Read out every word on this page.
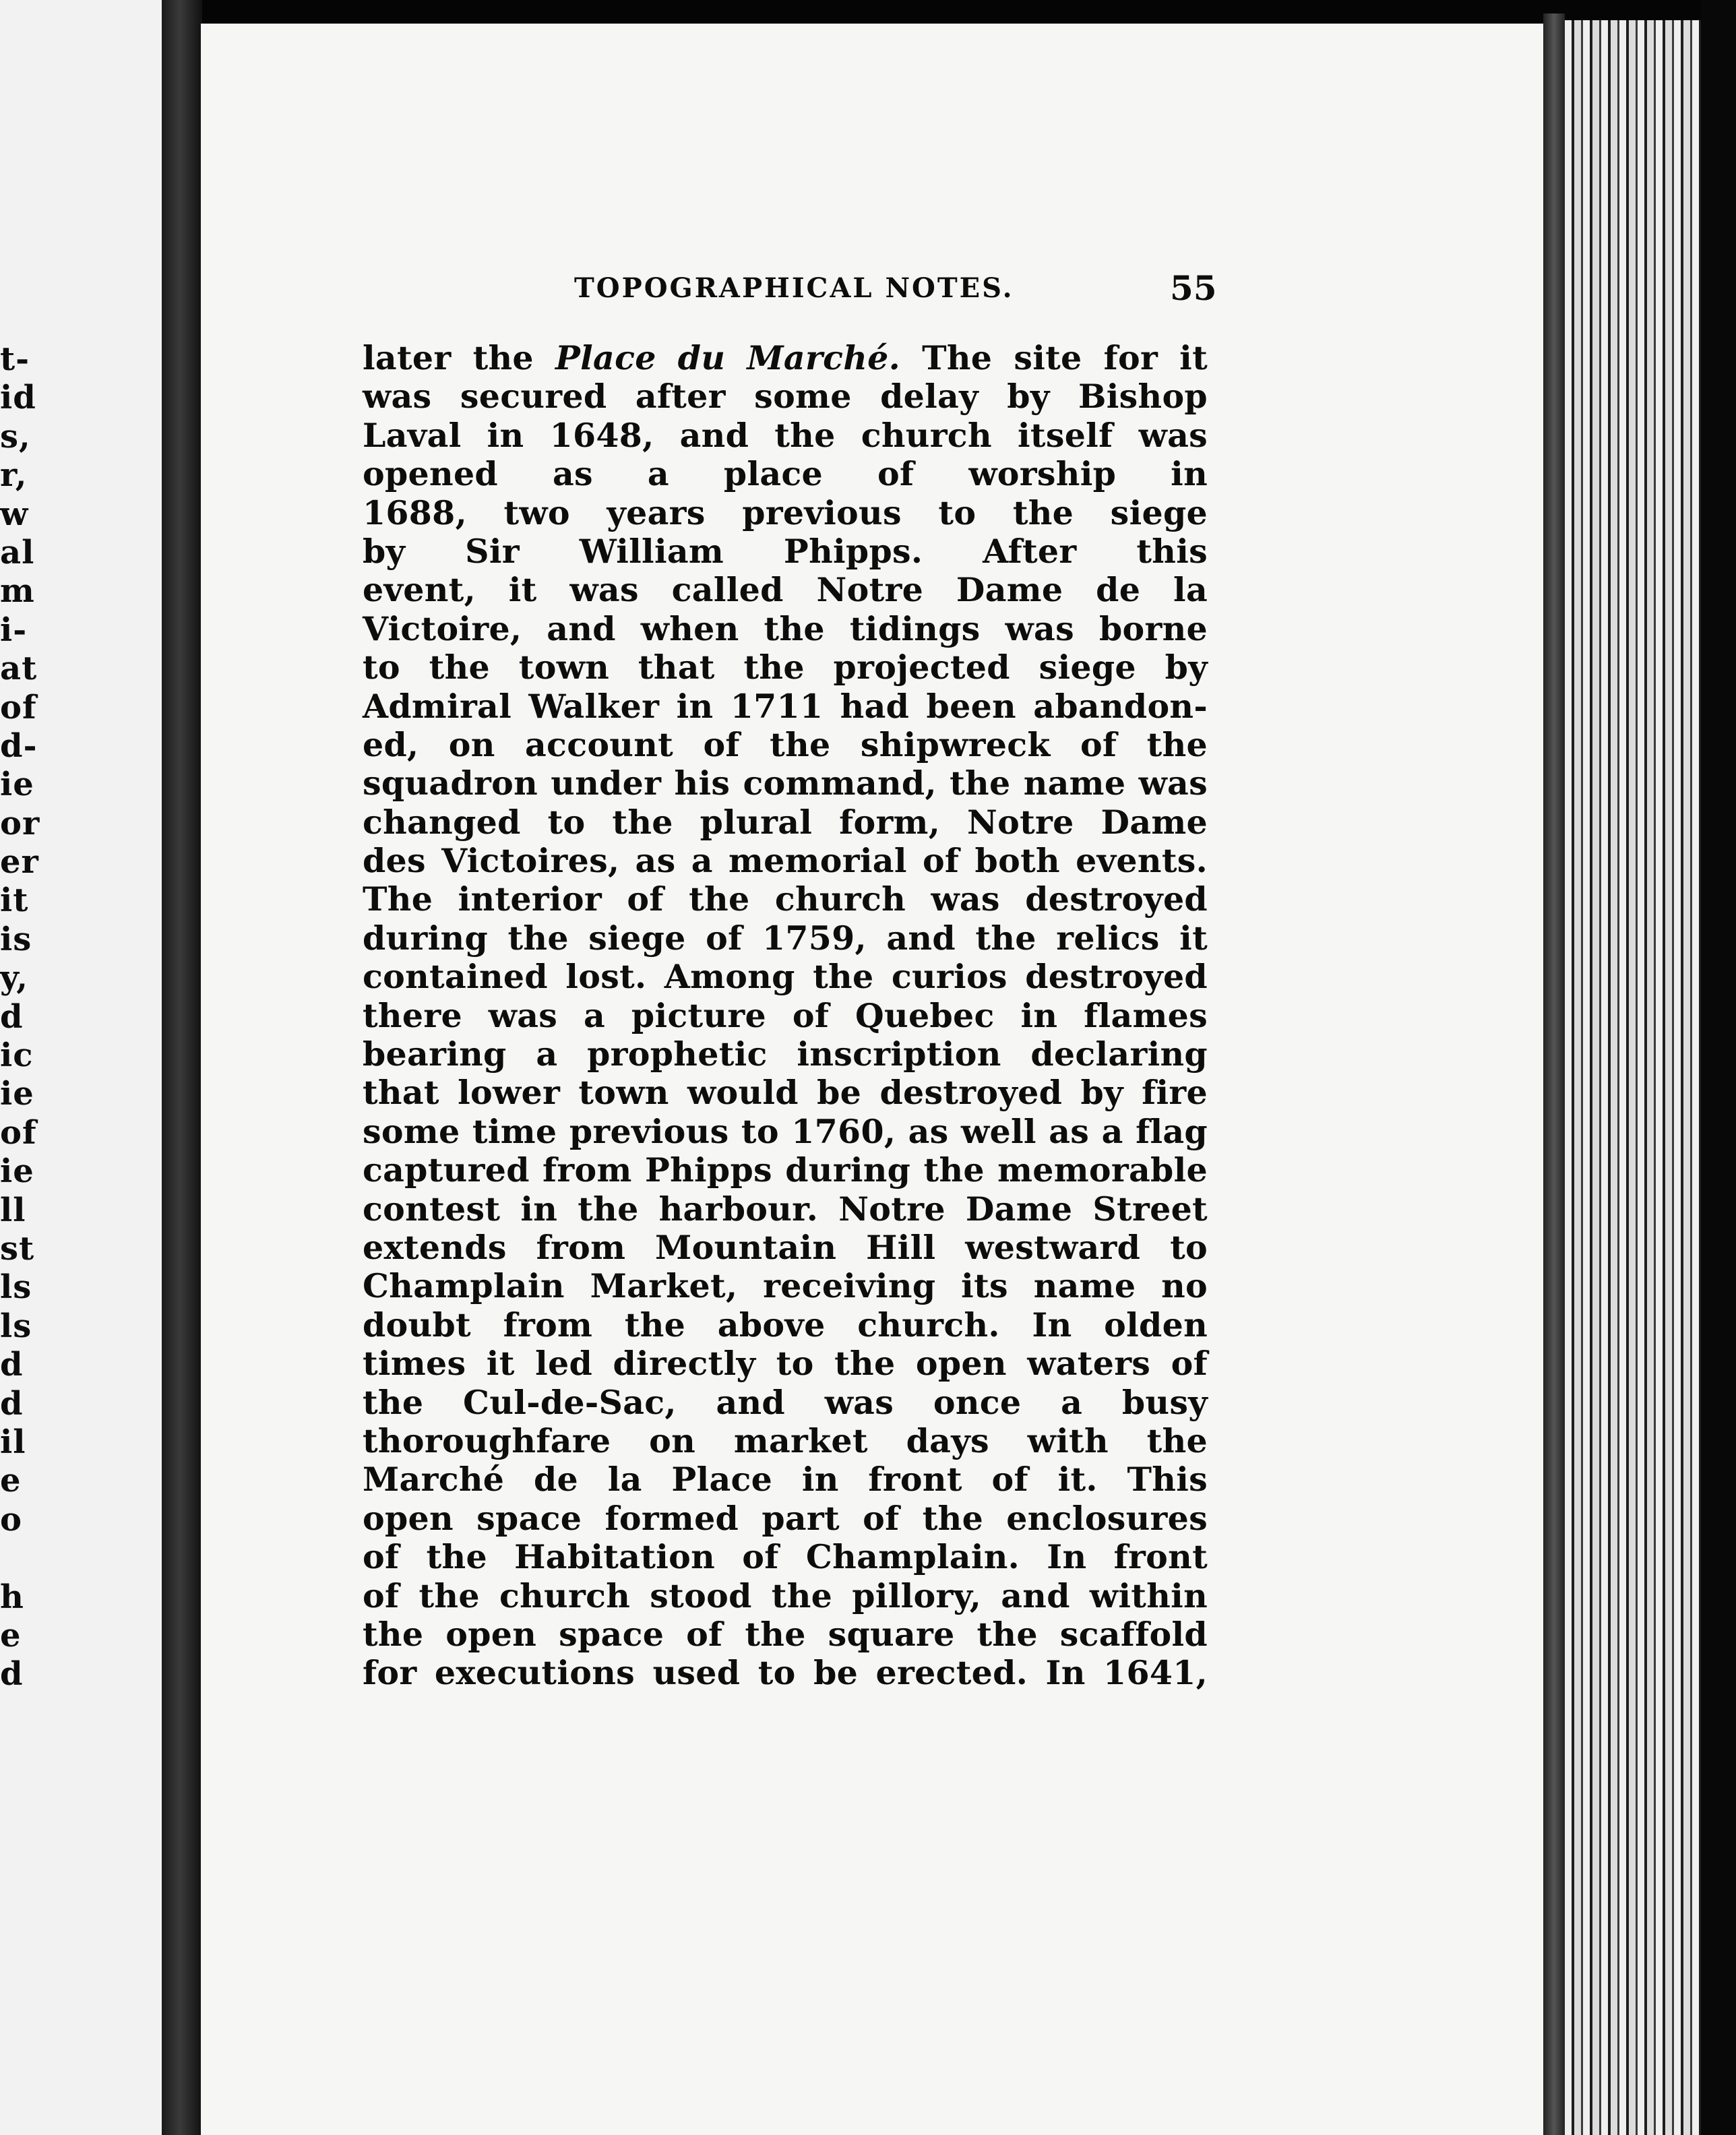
t-
id
s,
r,
w
al
m
i-
at
of
d-
ie
or
er
it
is
y,
d
ic
ie
of
ie
ll
st
ls
ls
d
d
il
e
o
h
e
d
TOPOGRAPHICAL NOTES.	55
later the Place du Marché. The site for it
was secured after some delay by Bishop
Laval in 1648, and the church itself was
opened as a place of worship in
1688, two years previous to the siege
by Sir William Phipps. After this
event, it was called Notre Dame de la
Victoire, and when the tidings was borne
to the town that the projected siege by
Admiral Walker in 1711 had been abandon-
ed, on account of the shipwreck of the
squadron under his command, the name was
changed to the plural form, Notre Dame
des Victoires, as a memorial of both events.
The interior of the church was destroyed
during the siege of 1759, and the relics it
contained lost. Among the curios destroyed
there was a picture of Quebec in flames
bearing a prophetic inscription declaring
that lower town would be destroyed by fire
some time previous to 1760, as well as a flag
captured from Phipps during the memorable
contest in the harbour. Notre Dame Street
extends from Mountain Hill westward to
Champlain Market, receiving its name no
doubt from the above church. In olden
times it led directly to the open waters of
the Cul-de-Sac, and was once a busy
thoroughfare on market days with the
Marché de la Place in front of it. This
open space formed part of the enclosures
of the Habitation of Champlain. In front
of the church stood the pillory, and within
the open space of the square the scaffold
for executions used to be erected. In 1641,
